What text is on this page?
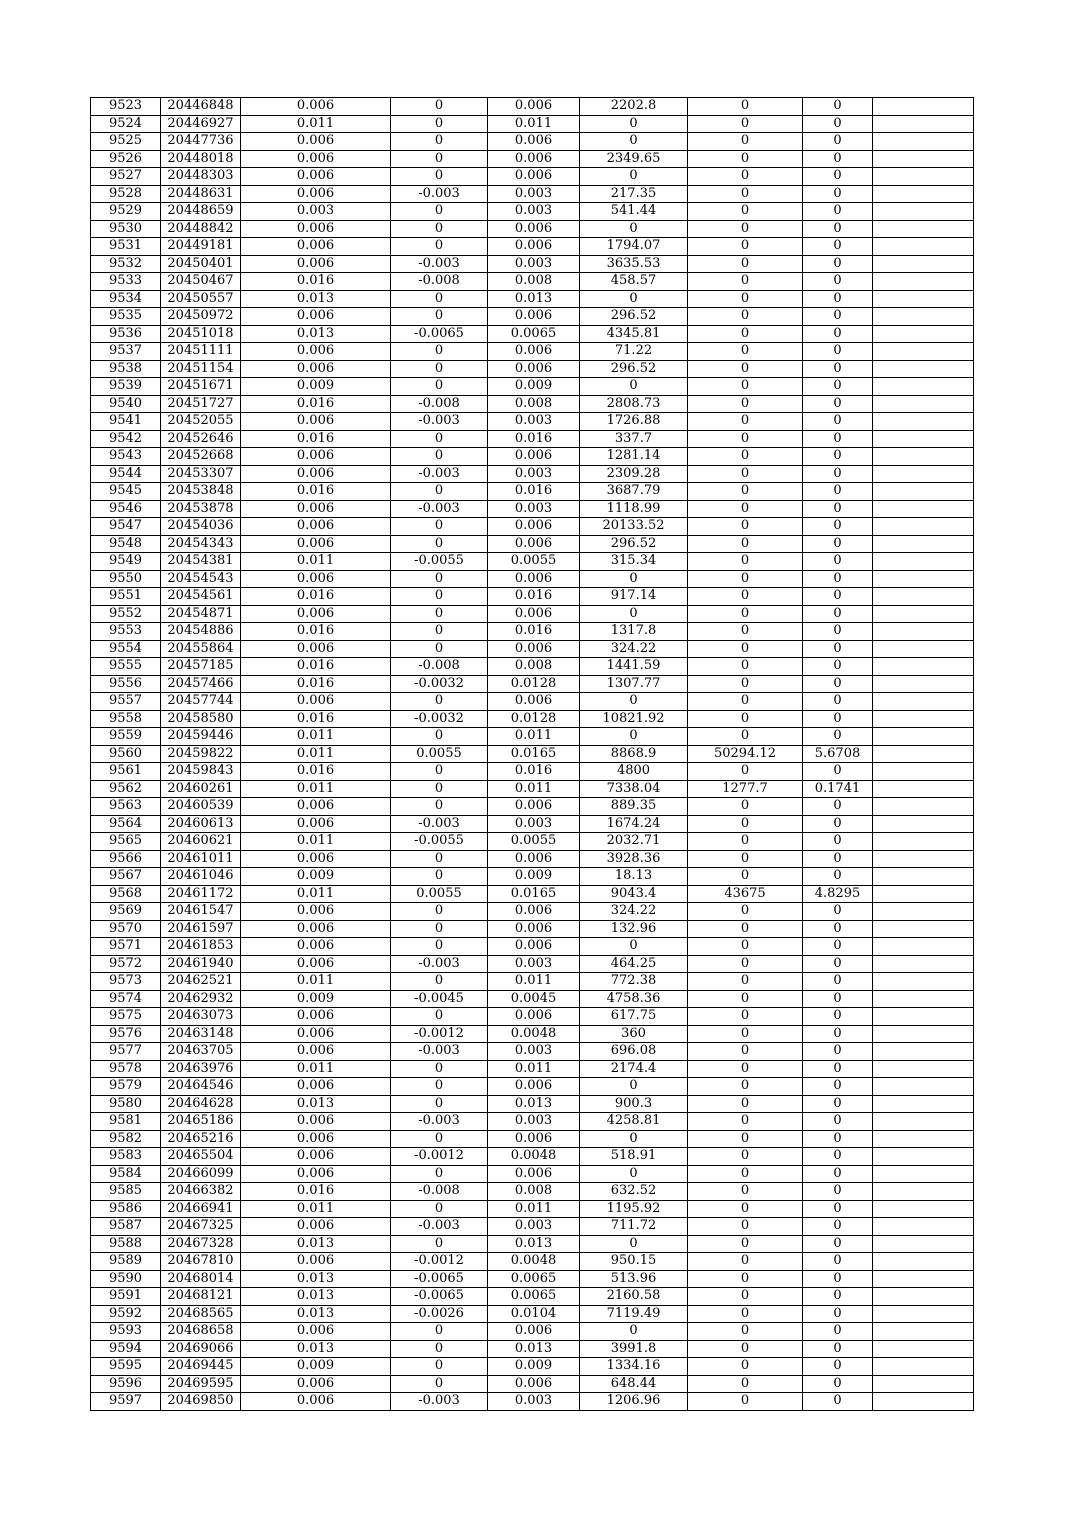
9523	20446848	0.006	0	0.006	2202.8	0	0	
9524	20446927	0.011	0	0.011	0	0	0	
9525	20447736	0.006	0	0.006	0	0	0	
9526	20448018	0.006	0	0.006	2349.65	0	0	
9527	20448303	0.006	0	0.006	0	0	0	
9528	20448631	0.006	-0.003	0.003	217.35	0	0	
9529	20448659	0.003	0	0.003	541.44	0	0	
9530	20448842	0.006	0	0.006	0	0	0	
9531	20449181	0.006	0	0.006	1794.07	0	0	
9532	20450401	0.006	-0.003	0.003	3635.53	0	0	
9533	20450467	0.016	-0.008	0.008	458.57	0	0	
9534	20450557	0.013	0	0.013	0	0	0	
9535	20450972	0.006	0	0.006	296.52	0	0	
9536	20451018	0.013	-0.0065	0.0065	4345.81	0	0	
9537	20451111	0.006	0	0.006	71.22	0	0	
9538	20451154	0.006	0	0.006	296.52	0	0	
9539	20451671	0.009	0	0.009	0	0	0	
9540	20451727	0.016	-0.008	0.008	2808.73	0	0	
9541	20452055	0.006	-0.003	0.003	1726.88	0	0	
9542	20452646	0.016	0	0.016	337.7	0	0	
9543	20452668	0.006	0	0.006	1281.14	0	0	
9544	20453307	0.006	-0.003	0.003	2309.28	0	0	
9545	20453848	0.016	0	0.016	3687.79	0	0	
9546	20453878	0.006	-0.003	0.003	1118.99	0	0	
9547	20454036	0.006	0	0.006	20133.52	0	0	
9548	20454343	0.006	0	0.006	296.52	0	0	
9549	20454381	0.011	-0.0055	0.0055	315.34	0	0	
9550	20454543	0.006	0	0.006	0	0	0	
9551	20454561	0.016	0	0.016	917.14	0	0	
9552	20454871	0.006	0	0.006	0	0	0	
9553	20454886	0.016	0	0.016	1317.8	0	0	
9554	20455864	0.006	0	0.006	324.22	0	0	
9555	20457185	0.016	-0.008	0.008	1441.59	0	0	
9556	20457466	0.016	-0.0032	0.0128	1307.77	0	0	
9557	20457744	0.006	0	0.006	0	0	0	
9558	20458580	0.016	-0.0032	0.0128	10821.92	0	0	
9559	20459446	0.011	0	0.011	0	0	0	
9560	20459822	0.011	0.0055	0.0165	8868.9	50294.12	5.6708	
9561	20459843	0.016	0	0.016	4800	0	0	
9562	20460261	0.011	0	0.011	7338.04	1277.7	0.1741	
9563	20460539	0.006	0	0.006	889.35	0	0	
9564	20460613	0.006	-0.003	0.003	1674.24	0	0	
9565	20460621	0.011	-0.0055	0.0055	2032.71	0	0	
9566	20461011	0.006	0	0.006	3928.36	0	0	
9567	20461046	0.009	0	0.009	18.13	0	0	
9568	20461172	0.011	0.0055	0.0165	9043.4	43675	4.8295	
9569	20461547	0.006	0	0.006	324.22	0	0	
9570	20461597	0.006	0	0.006	132.96	0	0	
9571	20461853	0.006	0	0.006	0	0	0	
9572	20461940	0.006	-0.003	0.003	464.25	0	0	
9573	20462521	0.011	0	0.011	772.38	0	0	
9574	20462932	0.009	-0.0045	0.0045	4758.36	0	0	
9575	20463073	0.006	0	0.006	617.75	0	0	
9576	20463148	0.006	-0.0012	0.0048	360	0	0	
9577	20463705	0.006	-0.003	0.003	696.08	0	0	
9578	20463976	0.011	0	0.011	2174.4	0	0	
9579	20464546	0.006	0	0.006	0	0	0	
9580	20464628	0.013	0	0.013	900.3	0	0	
9581	20465186	0.006	-0.003	0.003	4258.81	0	0	
9582	20465216	0.006	0	0.006	0	0	0	
9583	20465504	0.006	-0.0012	0.0048	518.91	0	0	
9584	20466099	0.006	0	0.006	0	0	0	
9585	20466382	0.016	-0.008	0.008	632.52	0	0	
9586	20466941	0.011	0	0.011	1195.92	0	0	
9587	20467325	0.006	-0.003	0.003	711.72	0	0	
9588	20467328	0.013	0	0.013	0	0	0	
9589	20467810	0.006	-0.0012	0.0048	950.15	0	0	
9590	20468014	0.013	-0.0065	0.0065	513.96	0	0	
9591	20468121	0.013	-0.0065	0.0065	2160.58	0	0	
9592	20468565	0.013	-0.0026	0.0104	7119.49	0	0	
9593	20468658	0.006	0	0.006	0	0	0	
9594	20469066	0.013	0	0.013	3991.8	0	0	
9595	20469445	0.009	0	0.009	1334.16	0	0	
9596	20469595	0.006	0	0.006	648.44	0	0	
9597	20469850	0.006	-0.003	0.003	1206.96	0	0	
